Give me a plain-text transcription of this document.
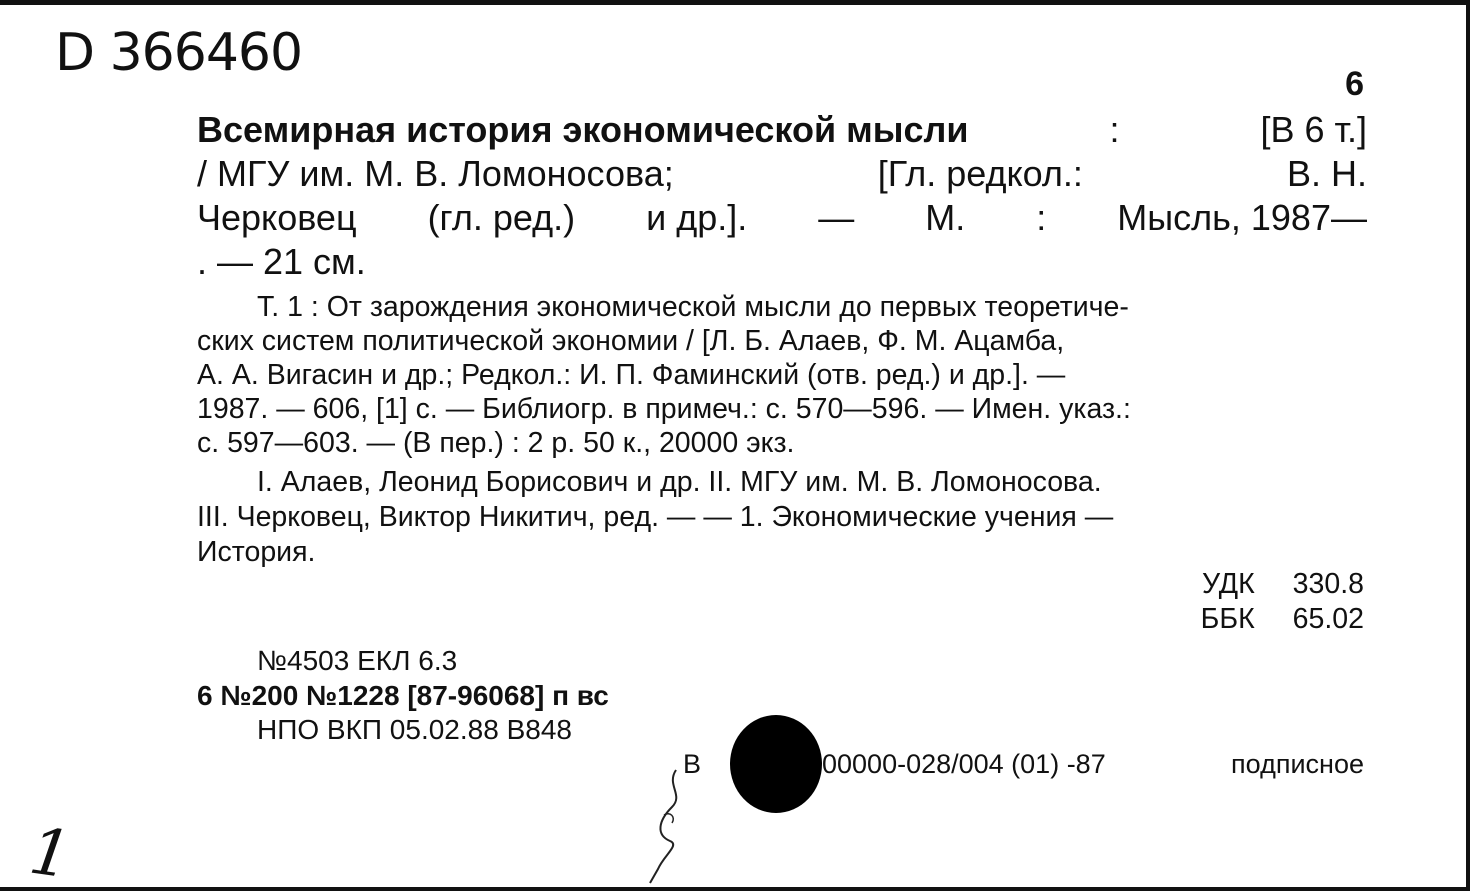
D 366460
6
Всемирная история экономической мысли	:	[В 6 т.]
/ МГУ им. М. В. Ломоносова;	[Гл. редкол.:	В. Н.
Черковец (гл. ред.) и др.]. — М. : Мысль, 1987—
. — 21 см.
Т. 1 : От зарождения экономической мысли до первых теоретиче-
ских систем политической экономии / [Л. Б. Алаев, Ф. М. Ацамба,
А. А. Вигасин и др.; Редкол.: И. П. Фаминский (отв. ред.) и др.]. —
1987. — 606, [1] с. — Библиогр. в примеч.: с. 570—596. — Имен. указ.:
с. 597—603. — (В пер.) : 2 р. 50 к., 20000 экз.
I. Алаев, Леонид Борисович и др. II. МГУ им. М. В. Ломоносова.
III. Черковец, Виктор Никитич, ред. — — 1. Экономические учения —
История.
УДК 330.8
ББК 65.02
№4503 ЕКЛ 6.3
6 №200 №1228 [87-96068] п вс
НПО ВКП 05.02.88 В848
В	00000-028/004 (01) -87	подписное
1
